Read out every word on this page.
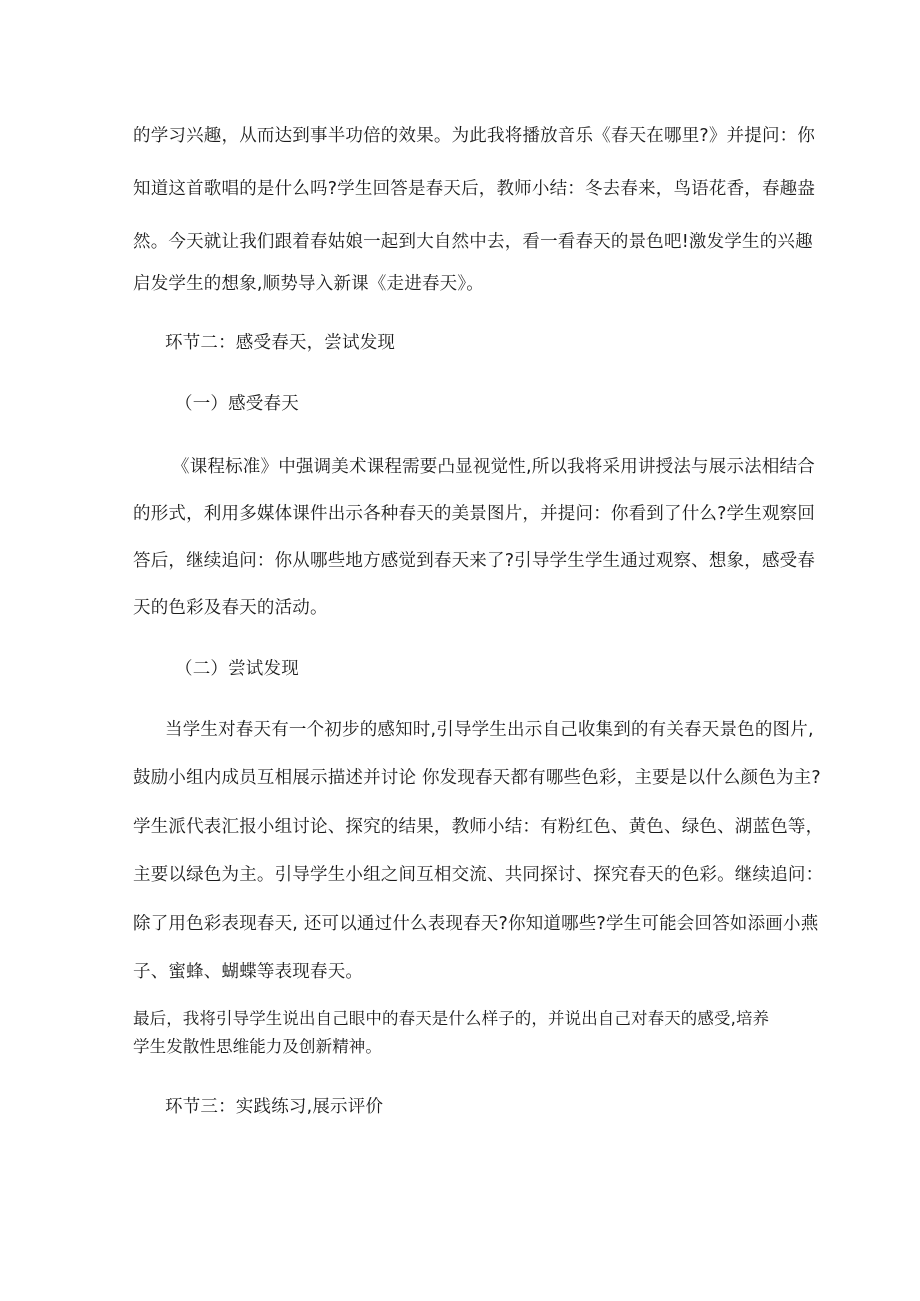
的学习兴趣，从而达到事半功倍的效果。为此我将播放音乐《春天在哪里?》并提问：你
知道这首歌唱的是什么吗?学生回答是春天后，教师小结：冬去春来，鸟语花香，春趣盎
然。今天就让我们跟着春姑娘一起到大自然中去，看一看春天的景色吧!激发学生的兴趣
启发学生的想象,顺势导入新课《走进春天》。
环节二：感受春天，尝试发现
（一）感受春天
《课程标准》中强调美术课程需要凸显视觉性,所以我将采用讲授法与展示法相结合
的形式，利用多媒体课件出示各种春天的美景图片，并提问：你看到了什么?学生观察回
答后，继续追问：你从哪些地方感觉到春天来了?引导学生学生通过观察、想象，感受春
天的色彩及春天的活动。
（二）尝试发现
当学生对春天有一个初步的感知时,引导学生出示自己收集到的有关春天景色的图片,
鼓励小组内成员互相展示描述并讨论 你发现春天都有哪些色彩，主要是以什么颜色为主?
学生派代表汇报小组讨论、探究的结果，教师小结：有粉红色、黄色、绿色、湖蓝色等，
主要以绿色为主。引导学生小组之间互相交流、共同探讨、探究春天的色彩。继续追问：
除了用色彩表现春天, 还可以通过什么表现春天?你知道哪些?学生可能会回答如添画小燕
子、蜜蜂、蝴蝶等表现春天。
最后，我将引导学生说出自己眼中的春天是什么样子的，并说出自己对春天的感受,培养
学生发散性思维能力及创新精神。
环节三：实践练习,展示评价
